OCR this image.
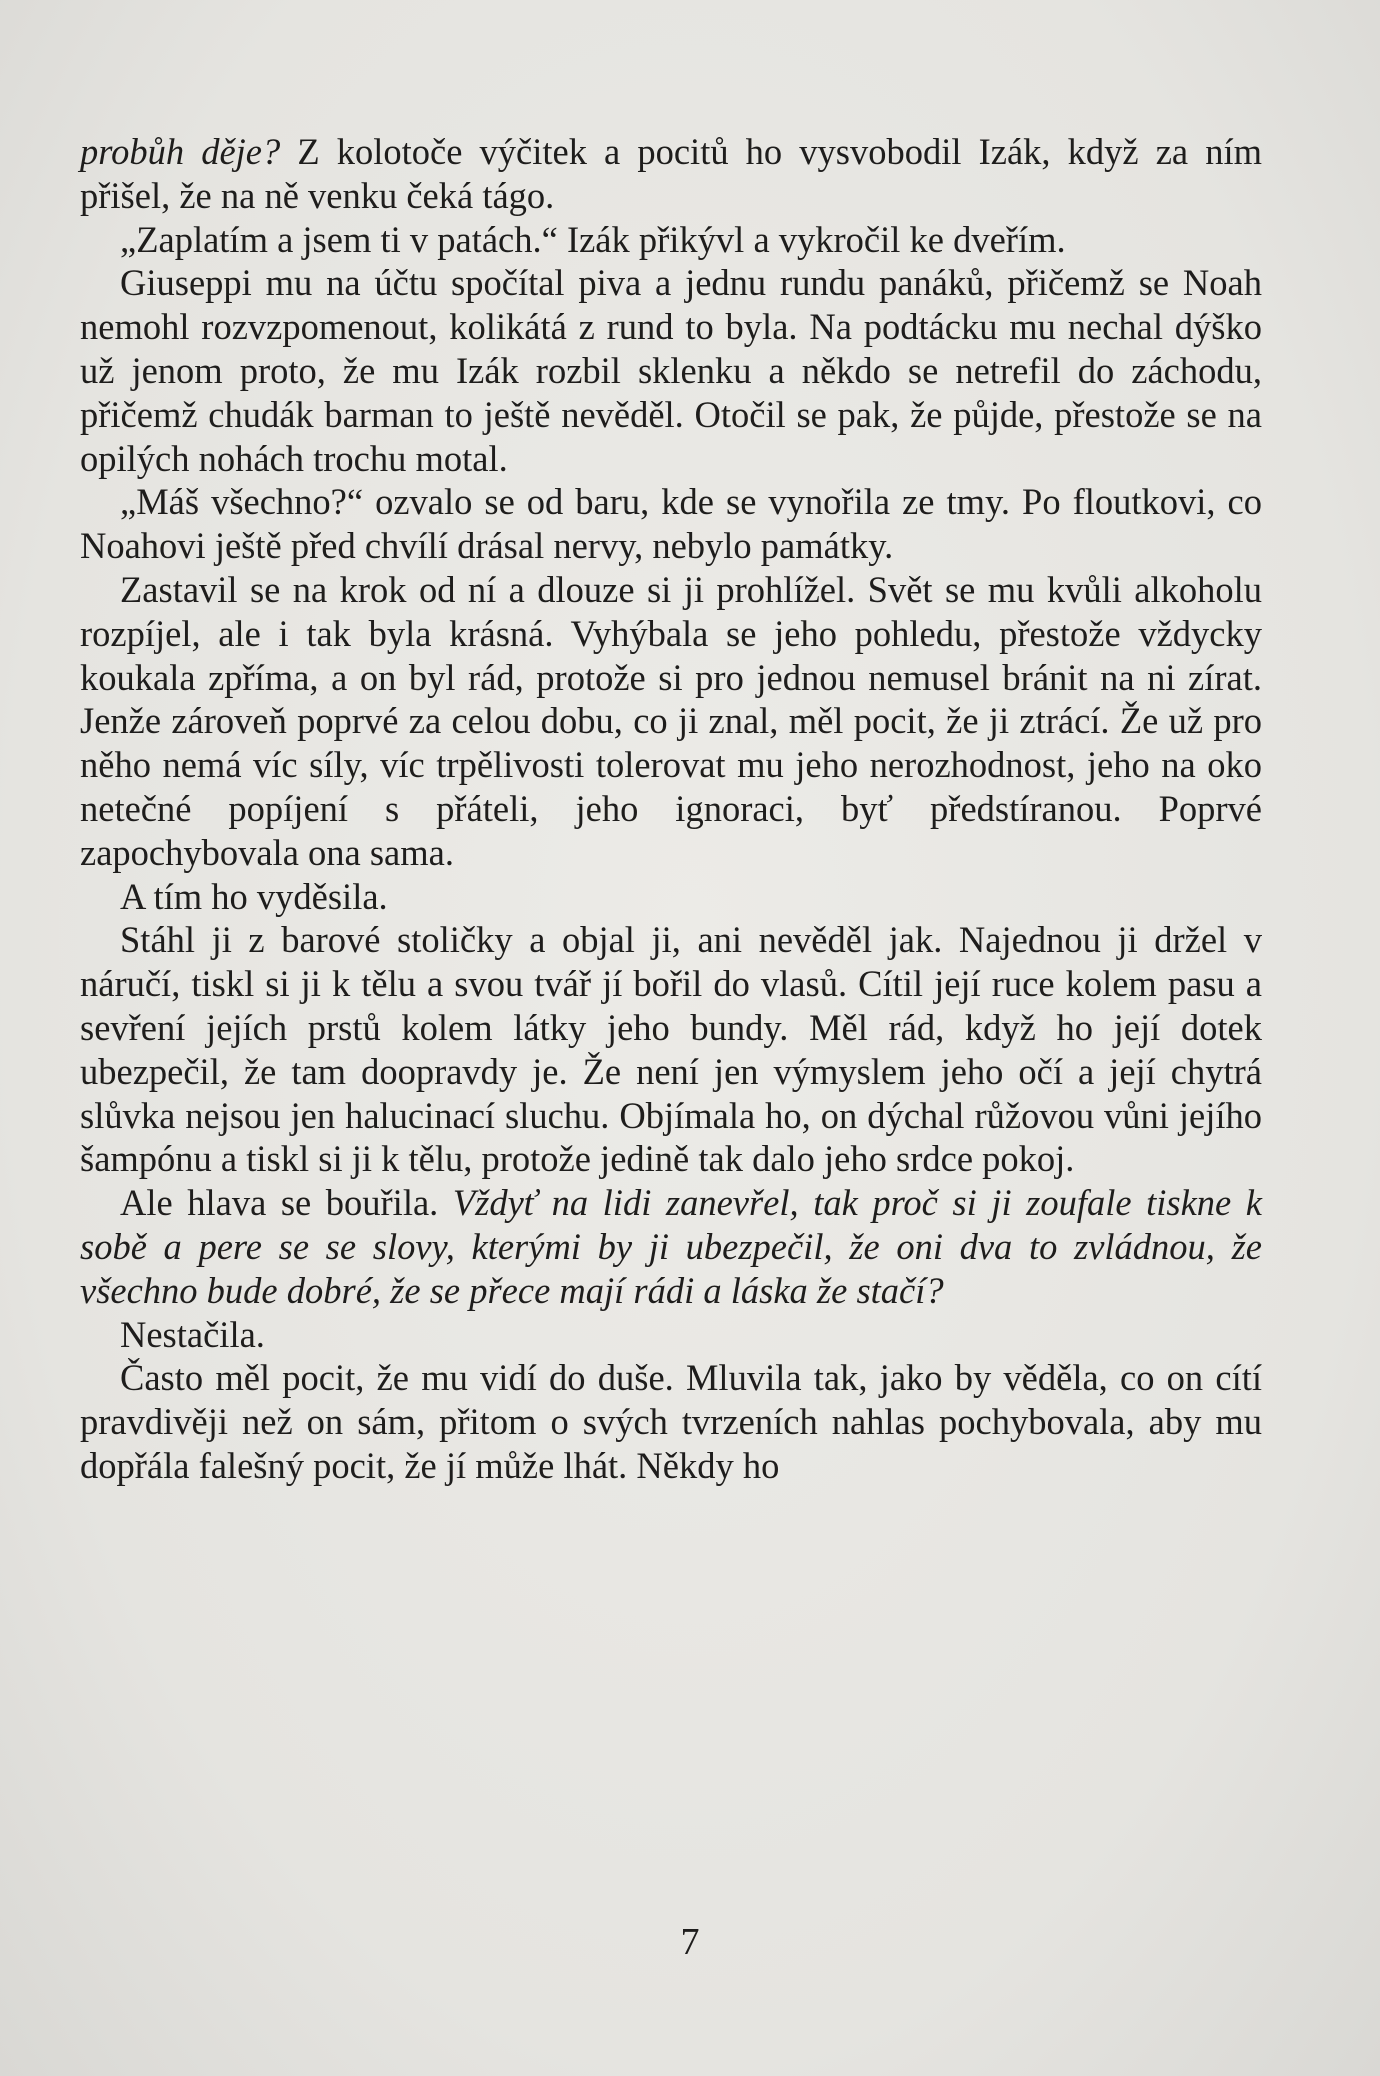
probůh děje? Z kolotoče výčitek a pocitů ho vysvobodil Izák, když za ním přišel, že na ně venku čeká tágo.

„Zaplatím a jsem ti v patách.“ Izák přikývl a vykročil ke dveřím.

Giuseppi mu na účtu spočítal piva a jednu rundu panáků, přičemž se Noah nemohl rozvzpomenout, kolikátá z rund to byla. Na podtácku mu nechal dýško už jenom proto, že mu Izák rozbil sklenku a někdo se netrefil do záchodu, přičemž chudák barman to ještě nevěděl. Otočil se pak, že půjde, přestože se na opilých nohách trochu motal.

„Máš všechno?“ ozvalo se od baru, kde se vynořila ze tmy. Po floutkovi, co Noahovi ještě před chvílí drásal nervy, nebylo památky.

Zastavil se na krok od ní a dlouze si ji prohlížel. Svět se mu kvůli alkoholu rozpíjel, ale i tak byla krásná. Vyhýbala se jeho pohledu, přestože vždycky koukala zpříma, a on byl rád, protože si pro jednou nemusel bránit na ni zírat. Jenže zároveň poprvé za celou dobu, co ji znal, měl pocit, že ji ztrácí. Že už pro něho nemá víc síly, víc trpělivosti tolerovat mu jeho nerozhodnost, jeho na oko netečné popíjení s přáteli, jeho ignoraci, byť předstíranou. Poprvé zapochybovala ona sama.

A tím ho vyděsila.

Stáhl ji z barové stoličky a objal ji, ani nevěděl jak. Najednou ji držel v náručí, tiskl si ji k tělu a svou tvář jí bořil do vlasů. Cítil její ruce kolem pasu a sevření jejích prstů kolem látky jeho bundy. Měl rád, když ho její dotek ubezpečil, že tam doopravdy je. Že není jen výmyslem jeho očí a její chytrá slůvka nejsou jen halucinací sluchu. Objímala ho, on dýchal růžovou vůni jejího šampónu a tiskl si ji k tělu, protože jedině tak dalo jeho srdce pokoj.

Ale hlava se bouřila. Vždyť na lidi zanevřel, tak proč si ji zoufale tiskne k sobě a pere se se slovy, kterými by ji ubezpečil, že oni dva to zvládnou, že všechno bude dobré, že se přece mají rádi a láska že stačí?

Nestačila.

Často měl pocit, že mu vidí do duše. Mluvila tak, jako by věděla, co on cítí pravdivěji než on sám, přitom o svých tvrzeních nahlas pochybovala, aby mu dopřála falešný pocit, že jí může lhát. Někdy ho

7
